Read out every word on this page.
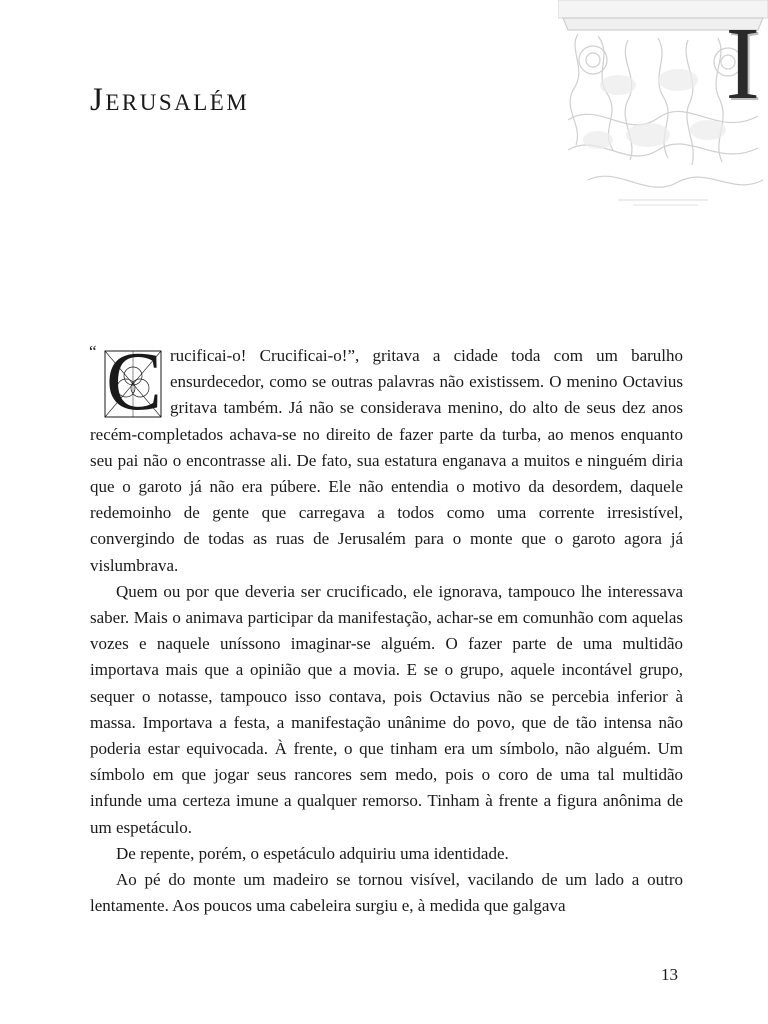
I
Jerusalém

“ C rucificai-o! Crucificai-o!”, gritava a cidade toda com um barulho ensurdecedor, como se outras palavras não existissem. O menino Octavius gritava também. Já não se considerava menino, do alto de seus dez anos recém-completados achava-se no direito de fazer parte da turba, ao menos enquanto seu pai não o encontrasse ali. De fato, sua estatura enganava a muitos e ninguém diria que o garoto já não era púbere. Ele não entendia o motivo da desordem, daquele redemoinho de gente que carregava a todos como uma corrente irresistível, convergindo de todas as ruas de Jerusalém para o monte que o garoto agora já vislumbrava.

Quem ou por que deveria ser crucificado, ele ignorava, tampouco lhe interessava saber. Mais o animava participar da manifestação, achar-se em comunhão com aquelas vozes e naquele uníssono imaginar-se alguém. O fazer parte de uma multidão importava mais que a opinião que a movia. E se o grupo, aquele incontável grupo, sequer o notasse, tampouco isso contava, pois Octavius não se percebia inferior à massa. Importava a festa, a manifestação unânime do povo, que de tão intensa não poderia estar equivocada. À frente, o que tinham era um símbolo, não alguém. Um símbolo em que jogar seus rancores sem medo, pois o coro de uma tal multidão infunde uma certeza imune a qualquer remorso. Tinham à frente a figura anônima de um espetáculo.

De repente, porém, o espetáculo adquiriu uma identidade.

Ao pé do monte um madeiro se tornou visível, vacilando de um lado a outro lentamente. Aos poucos uma cabeleira surgiu e, à medida que galgava

13
